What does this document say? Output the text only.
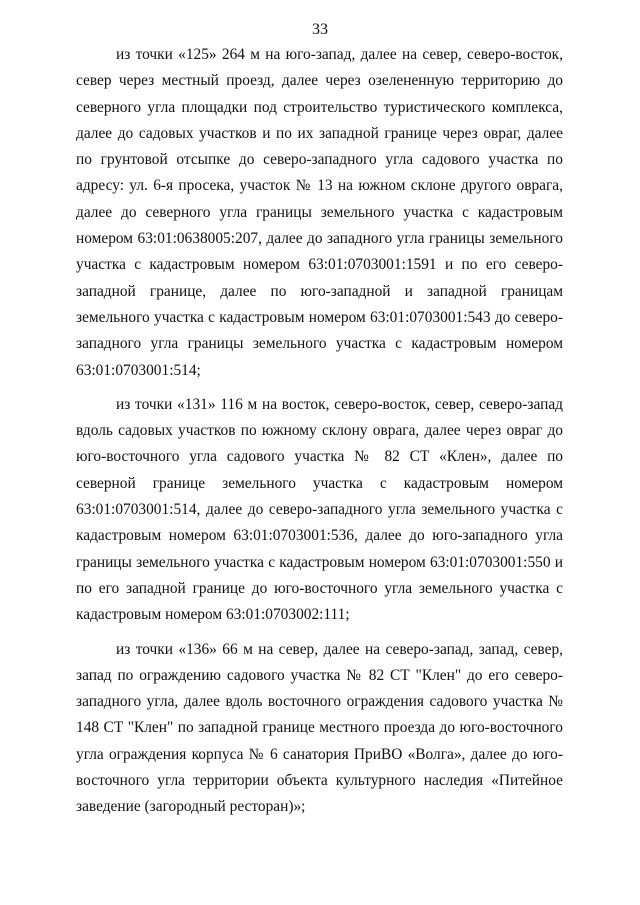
33

из точки «125» 264 м на юго-запад, далее на север, северо-восток, север через местный проезд, далее через озелененную территорию до северного угла площадки под строительство туристического комплекса, далее до садовых участков и по их западной границе через овраг, далее по грунтовой отсыпке до северо-западного угла садового участка по адресу: ул. 6-я просека, участок № 13 на южном склоне другого оврага, далее до северного угла границы земельного участка с кадастровым номером 63:01:0638005:207, далее до западного угла границы земельного участка с кадастровым номером 63:01:0703001:1591 и по его северо-западной границе, далее по юго-западной и западной границам земельного участка с кадастровым номером 63:01:0703001:543 до северо-западного угла границы земельного участка с кадастровым номером 63:01:0703001:514;

из точки «131» 116 м на восток, северо-восток, север, северо-запад вдоль садовых участков по южному склону оврага, далее через овраг до юго-восточного угла садового участка № 82 СТ «Клен», далее по северной границе земельного участка с кадастровым номером 63:01:0703001:514, далее до северо-западного угла земельного участка с кадастровым номером 63:01:0703001:536, далее до юго-западного угла границы земельного участка с кадастровым номером 63:01:0703001:550 и по его западной границе до юго-восточного угла земельного участка с кадастровым номером 63:01:0703002:111;

из точки «136» 66 м на север, далее на северо-запад, запад, север, запад по ограждению садового участка № 82 СТ "Клен" до его северо-западного угла, далее вдоль восточного ограждения садового участка № 148 СТ "Клен" по западной границе местного проезда до юго-восточного угла ограждения корпуса № 6 санатория ПриВО «Волга», далее до юго-восточного угла территории объекта культурного наследия «Питейное заведение (загородный ресторан)»;
